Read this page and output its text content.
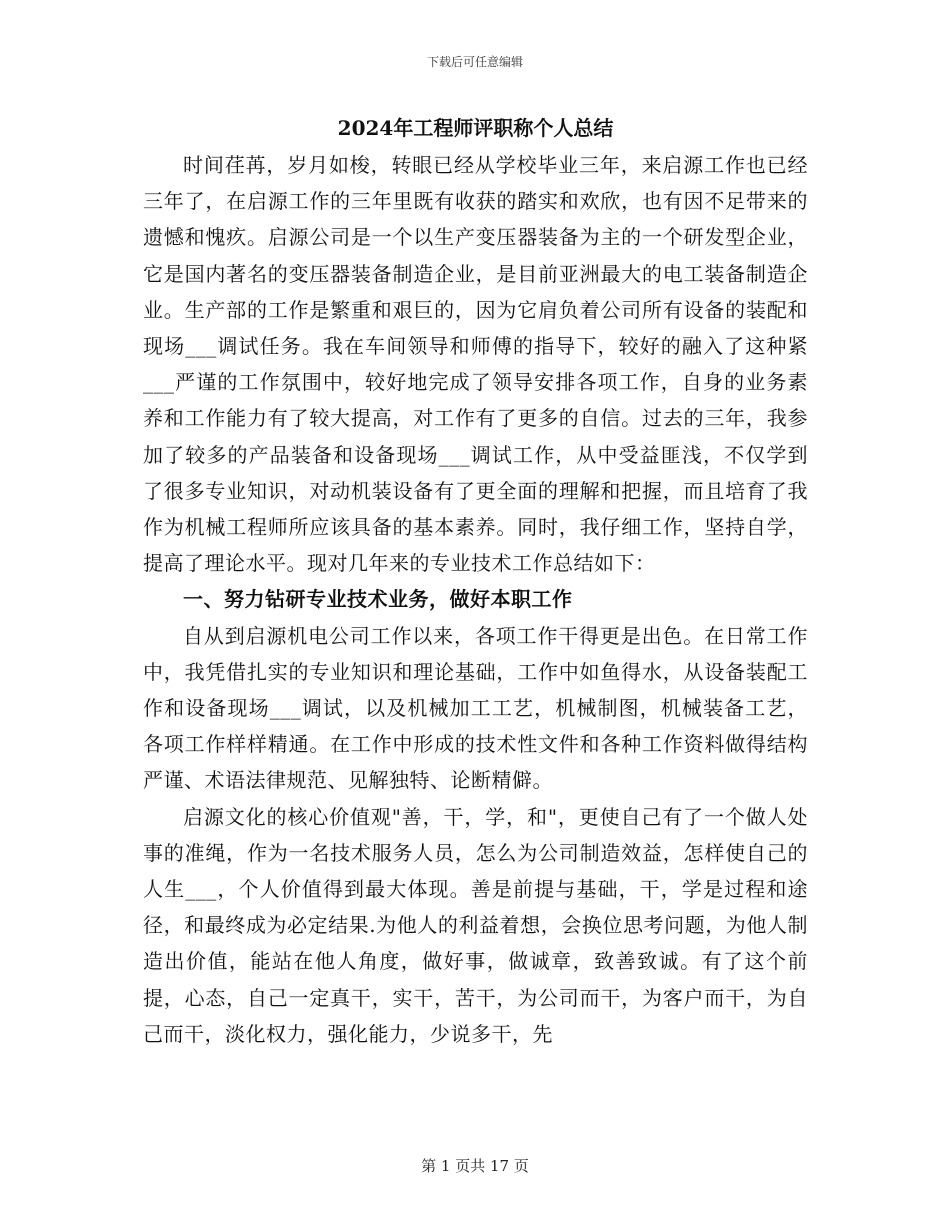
下载后可任意编辑
2024年工程师评职称个人总结

时间荏苒，岁月如梭，转眼已经从学校毕业三年，来启源工作也已经三年了，在启源工作的三年里既有收获的踏实和欢欣，也有因不足带来的遗憾和愧疚。启源公司是一个以生产变压器装备为主的一个研发型企业，它是国内著名的变压器装备制造企业，是目前亚洲最大的电工装备制造企业。生产部的工作是繁重和艰巨的，因为它肩负着公司所有设备的装配和现场___调试任务。我在车间领导和师傅的指导下，较好的融入了这种紧___严谨的工作氛围中，较好地完成了领导安排各项工作，自身的业务素养和工作能力有了较大提高，对工作有了更多的自信。过去的三年，我参加了较多的产品装备和设备现场___调试工作，从中受益匪浅，不仅学到了很多专业知识，对动机装设备有了更全面的理解和把握，而且培育了我作为机械工程师所应该具备的基本素养。同时，我仔细工作，坚持自学，提高了理论水平。现对几年来的专业技术工作总结如下：

一、努力钻研专业技术业务，做好本职工作

自从到启源机电公司工作以来，各项工作干得更是出色。在日常工作中，我凭借扎实的专业知识和理论基础，工作中如鱼得水，从设备装配工作和设备现场___调试，以及机械加工工艺，机械制图，机械装备工艺，各项工作样样精通。在工作中形成的技术性文件和各种工作资料做得结构严谨、术语法律规范、见解独特、论断精僻。

启源文化的核心价值观"善，干，学，和"，更使自己有了一个做人处事的准绳，作为一名技术服务人员，怎么为公司制造效益，怎样使自己的人生___，个人价值得到最大体现。善是前提与基础，干，学是过程和途径，和最终成为必定结果.为他人的利益着想，会换位思考问题，为他人制造出价值，能站在他人角度，做好事，做诚章，致善致诚。有了这个前提，心态，自己一定真干，实干，苦干，为公司而干，为客户而干，为自己而干，淡化权力，强化能力，少说多干，先

第 1 页共 17 页
